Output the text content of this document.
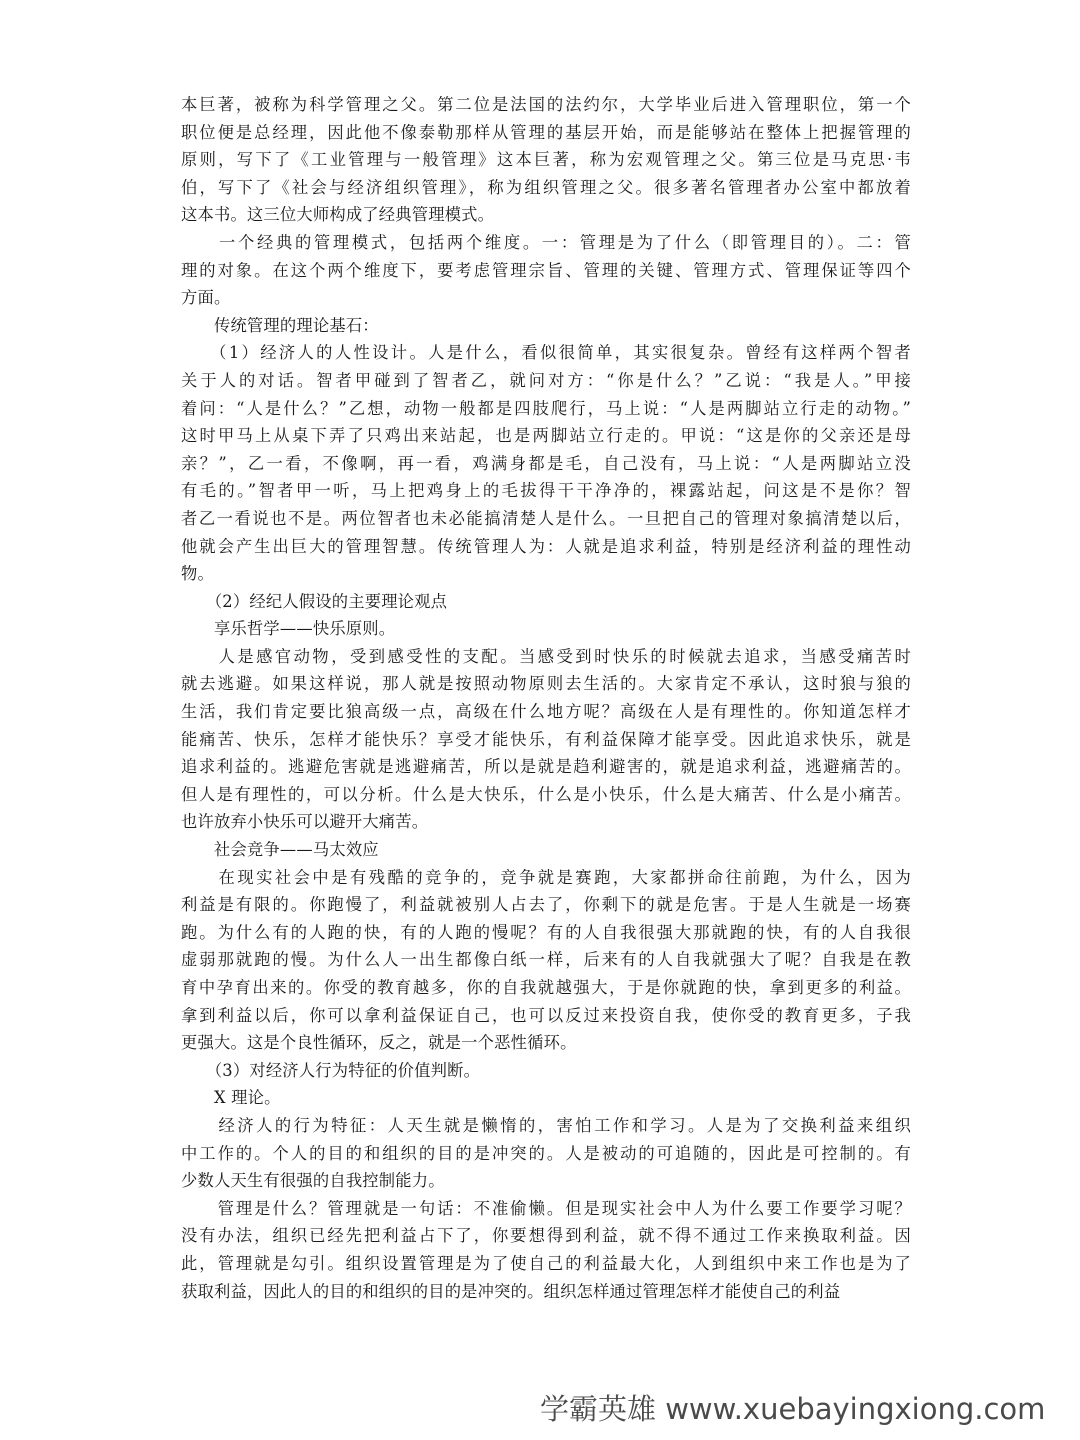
本巨著，被称为科学管理之父。第二位是法国的法约尔，大学毕业后进入管理职位，第一个
职位便是总经理，因此他不像泰勒那样从管理的基层开始，而是能够站在整体上把握管理的
原则，写下了《工业管理与一般管理》这本巨著，称为宏观管理之父。第三位是马克思·韦
伯，写下了《社会与经济组织管理》，称为组织管理之父。很多著名管理者办公室中都放着
这本书。这三位大师构成了经典管理模式。
　　一个经典的管理模式，包括两个维度。一：管理是为了什么（即管理目的）。二：管
理的对象。在这个两个维度下，要考虑管理宗旨、管理的关键、管理方式、管理保证等四个
方面。
　　传统管理的理论基石：
　　（1）经济人的人性设计。人是什么，看似很简单，其实很复杂。曾经有这样两个智者
关于人的对话。智者甲碰到了智者乙，就问对方：“你是什么？”乙说：“我是人。”甲接
着问：“人是什么？”乙想，动物一般都是四肢爬行，马上说：“人是两脚站立行走的动物。”
这时甲马上从桌下弄了只鸡出来站起，也是两脚站立行走的。甲说：“这是你的父亲还是母
亲？”，乙一看，不像啊，再一看，鸡满身都是毛，自己没有，马上说：“人是两脚站立没
有毛的。”智者甲一听，马上把鸡身上的毛拔得干干净净的，裸露站起，问这是不是你？智
者乙一看说也不是。两位智者也未必能搞清楚人是什么。一旦把自己的管理对象搞清楚以后，
他就会产生出巨大的管理智慧。传统管理人为：人就是追求利益，特别是经济利益的理性动
物。
　　（2）经纪人假设的主要理论观点
　　享乐哲学——快乐原则。
　　人是感官动物，受到感受性的支配。当感受到时快乐的时候就去追求，当感受痛苦时
就去逃避。如果这样说，那人就是按照动物原则去生活的。大家肯定不承认，这时狼与狼的
生活，我们肯定要比狼高级一点，高级在什么地方呢？高级在人是有理性的。你知道怎样才
能痛苦、快乐，怎样才能快乐？享受才能快乐，有利益保障才能享受。因此追求快乐，就是
追求利益的。逃避危害就是逃避痛苦，所以是就是趋利避害的，就是追求利益，逃避痛苦的。
但人是有理性的，可以分析。什么是大快乐，什么是小快乐，什么是大痛苦、什么是小痛苦。
也许放弃小快乐可以避开大痛苦。
　　社会竞争——马太效应
　　在现实社会中是有残酷的竞争的，竞争就是赛跑，大家都拼命往前跑，为什么，因为
利益是有限的。你跑慢了，利益就被别人占去了，你剩下的就是危害。于是人生就是一场赛
跑。为什么有的人跑的快，有的人跑的慢呢？有的人自我很强大那就跑的快，有的人自我很
虚弱那就跑的慢。为什么人一出生都像白纸一样，后来有的人自我就强大了呢？自我是在教
育中孕育出来的。你受的教育越多，你的自我就越强大，于是你就跑的快，拿到更多的利益。
拿到利益以后，你可以拿利益保证自己，也可以反过来投资自我，使你受的教育更多，子我
更强大。这是个良性循环，反之，就是一个恶性循环。
　　（3）对经济人行为特征的价值判断。
　　X 理论。
　　经济人的行为特征：人天生就是懒惰的，害怕工作和学习。人是为了交换利益来组织
中工作的。个人的目的和组织的目的是冲突的。人是被动的可追随的，因此是可控制的。有
少数人天生有很强的自我控制能力。
　　管理是什么？管理就是一句话：不准偷懒。但是现实社会中人为什么要工作要学习呢？
没有办法，组织已经先把利益占下了，你要想得到利益，就不得不通过工作来换取利益。因
此，管理就是勾引。组织设置管理是为了使自己的利益最大化，人到组织中来工作也是为了
获取利益，因此人的目的和组织的目的是冲突的。组织怎样通过管理怎样才能使自己的利益
学霸英雄 www.xuebayingxiong.com
